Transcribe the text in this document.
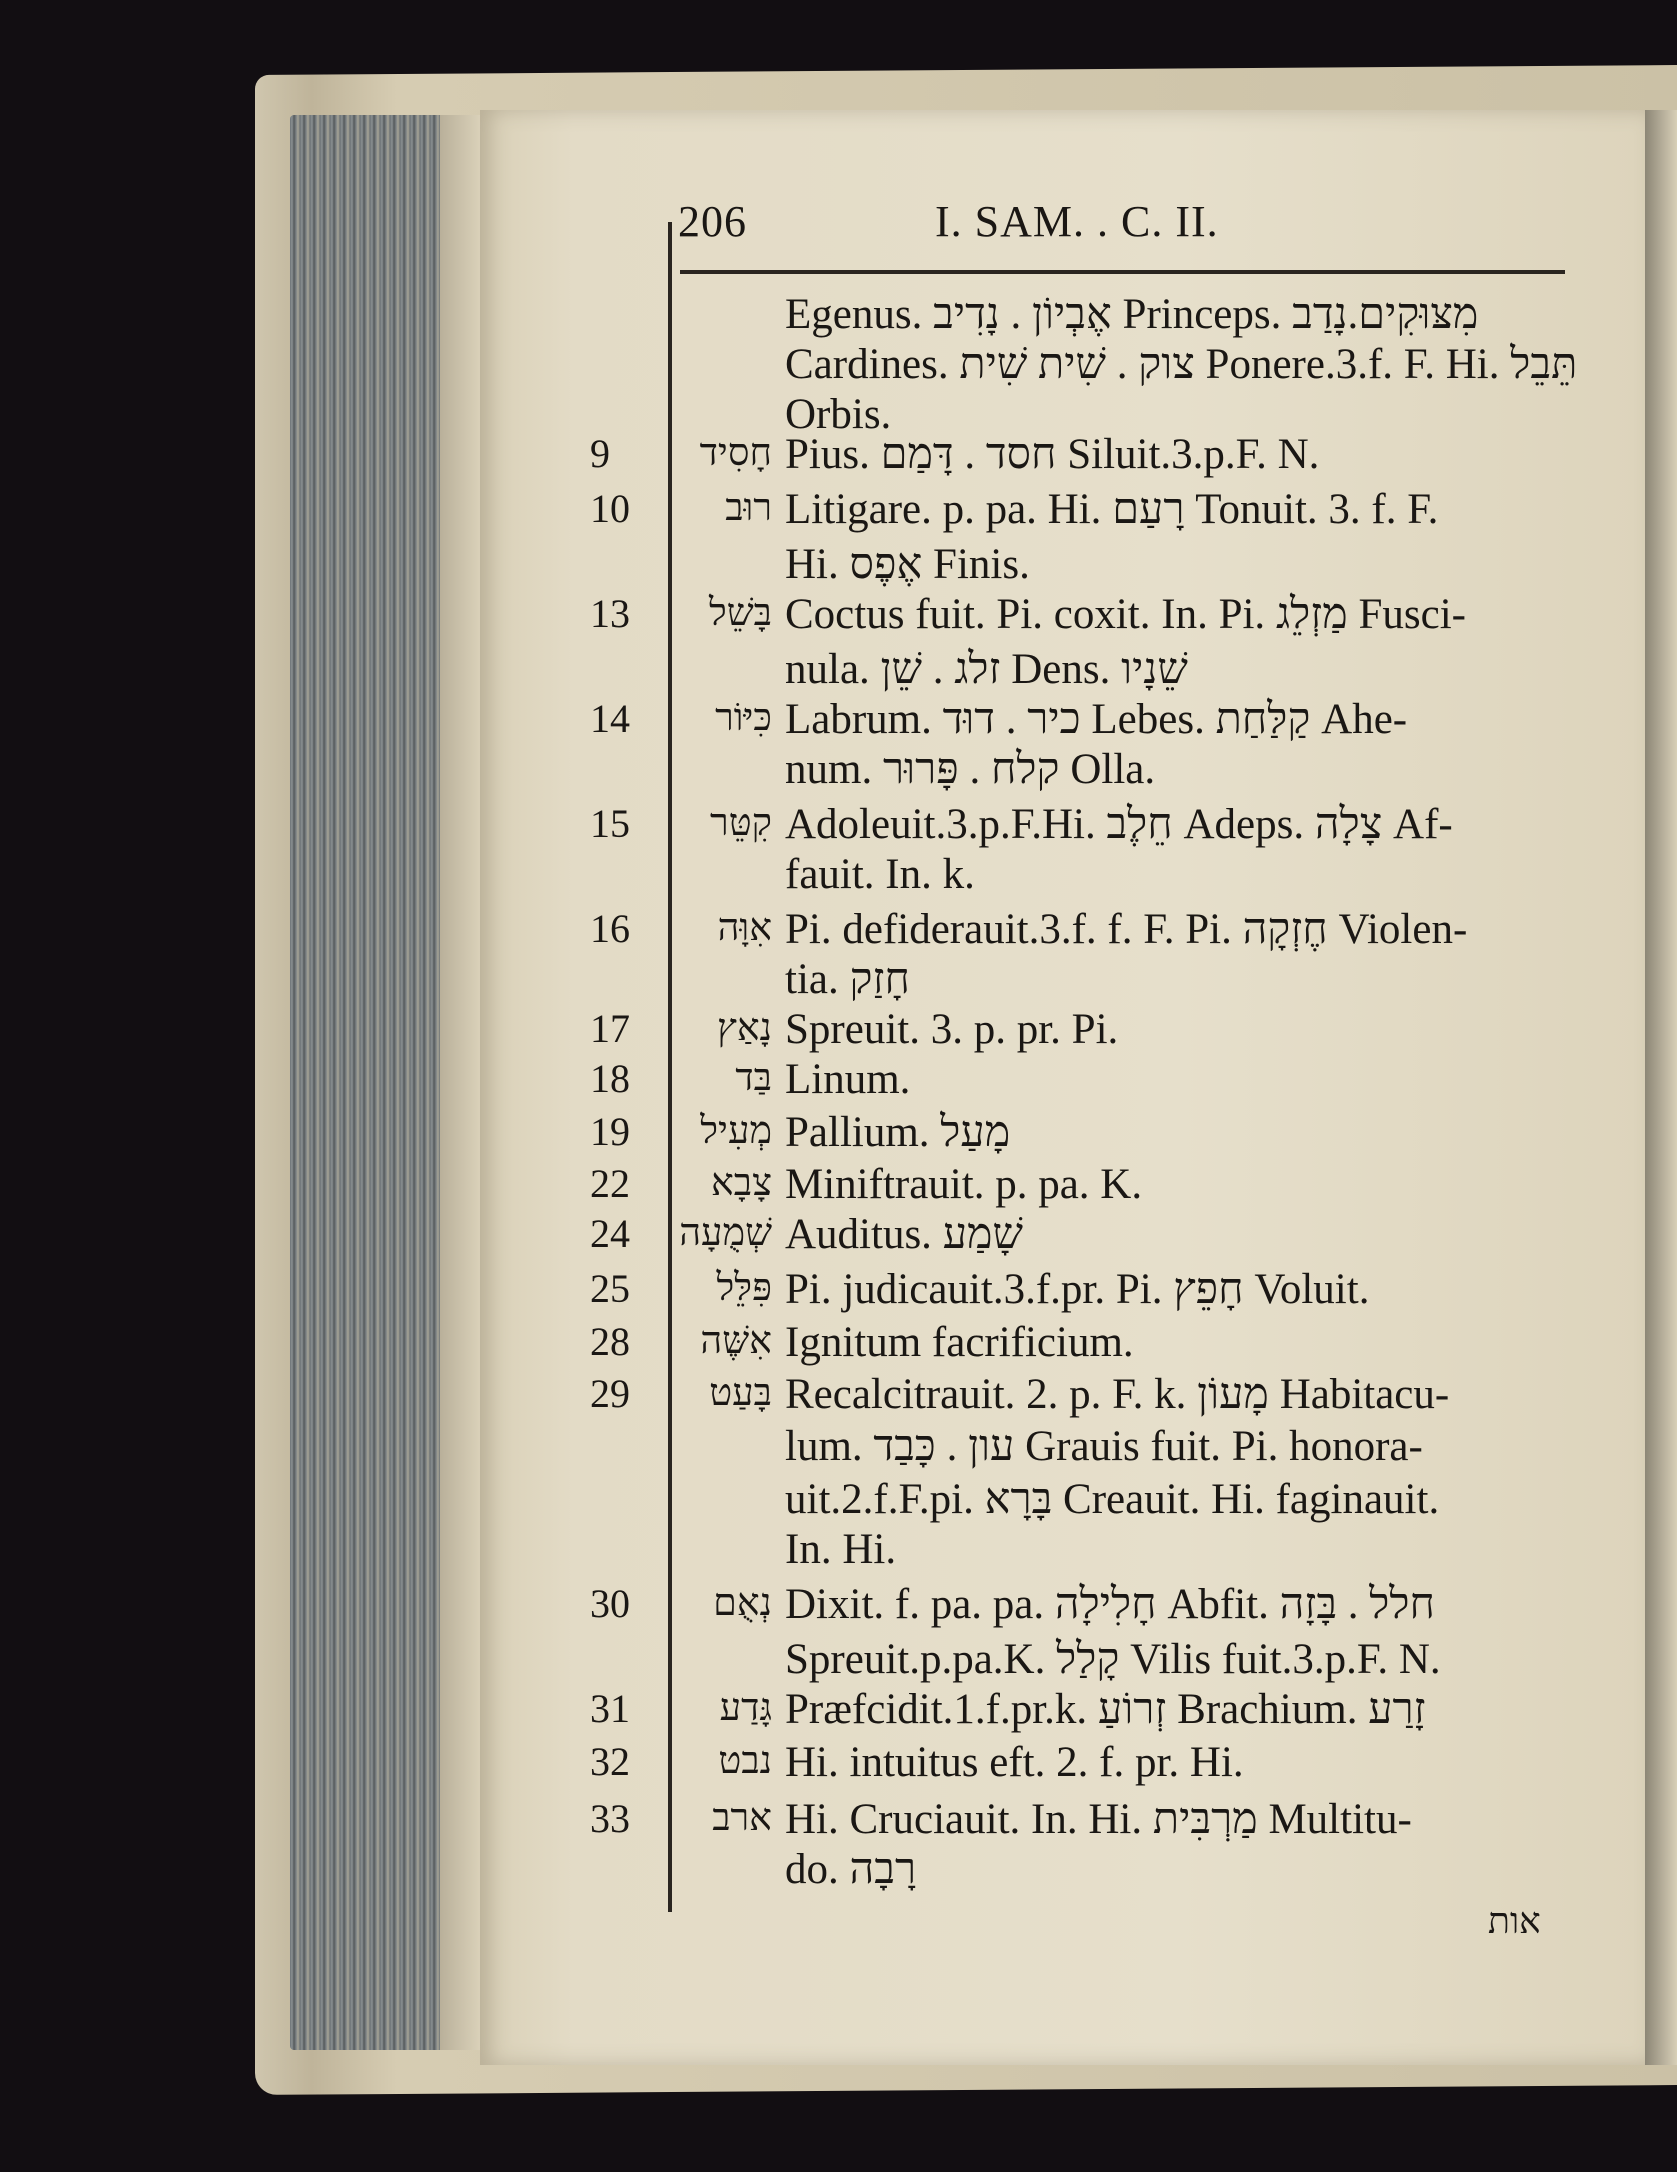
206	I. SAM. . C. II.
Egenus. אֶבְיוֹן . נָדִיב Princeps. מִצּוּקִים.נָדַב
Cardines. צוק . שִׁית שִׁית Ponere.3.f. F. Hi. תֵּבֵל
Orbis.
9	חָסִיד Pius. חסד . דָּמַם Siluit.3.p.F. N.
10	רוּב Litigare. p. pa. Hi. רָעַם Tonuit. 3. f. F.
Hi. אֶפֶס Finis.
13	בָּשֵׁל Coctus fuit. Pi. coxit. In. Pi. מַזְלֵג Fusci-
nula. זלג . שֵׁן Dens. שֵׁנָיו
14	כִּיּוֹר Labrum. כיר . דוּד Lebes. קַלַּחַת Ahe-
num. קלח . פָּרוּר Olla.
15	קִטֵּר Adoleuit.3.p.F.Hi. חֵלֶב Adeps. צָלָה Af-
fauit. In. k.
16	אִוָּה Pi. defiderauit.3.f. f. F. Pi. חֶזְקָה Violen-
tia. חָזַק
17	נָאַץ Spreuit. 3. p. pr. Pi.
18	בַּד Linum.
19	מְעִיל Pallium. מָעַל
22	צָבָא Miniftrauit. p. pa. K.
24	שְׁמֻעָה Auditus. שָׁמַע
25	פִּלֵּל Pi. judicauit.3.f.pr. Pi. חָפֵץ Voluit.
28	אִשֶּׁה Ignitum facrificium.
29	בָּעַט Recalcitrauit. 2. p. F. k. מָעוֹן Habitacu-
lum. עון . כָּבַד Grauis fuit. Pi. honora-
uit.2.f.F.pi. בָּרָא Creauit. Hi. faginauit.
In. Hi.
30	נְאֻם Dixit. f. pa. pa. חָלִילָה Abfit. חלל . בָּזָה
Spreuit.p.pa.K. קָלַל Vilis fuit.3.p.F. N.
31	גָּדַע Præfcidit.1.f.pr.k. זְרוֹעַ Brachium. זָרַע
32	נבט Hi. intuitus eft. 2. f. pr. Hi.
33	ארב Hi. Cruciauit. In. Hi. מַרְבִּית Multitu-
do. רָבָה
אות
